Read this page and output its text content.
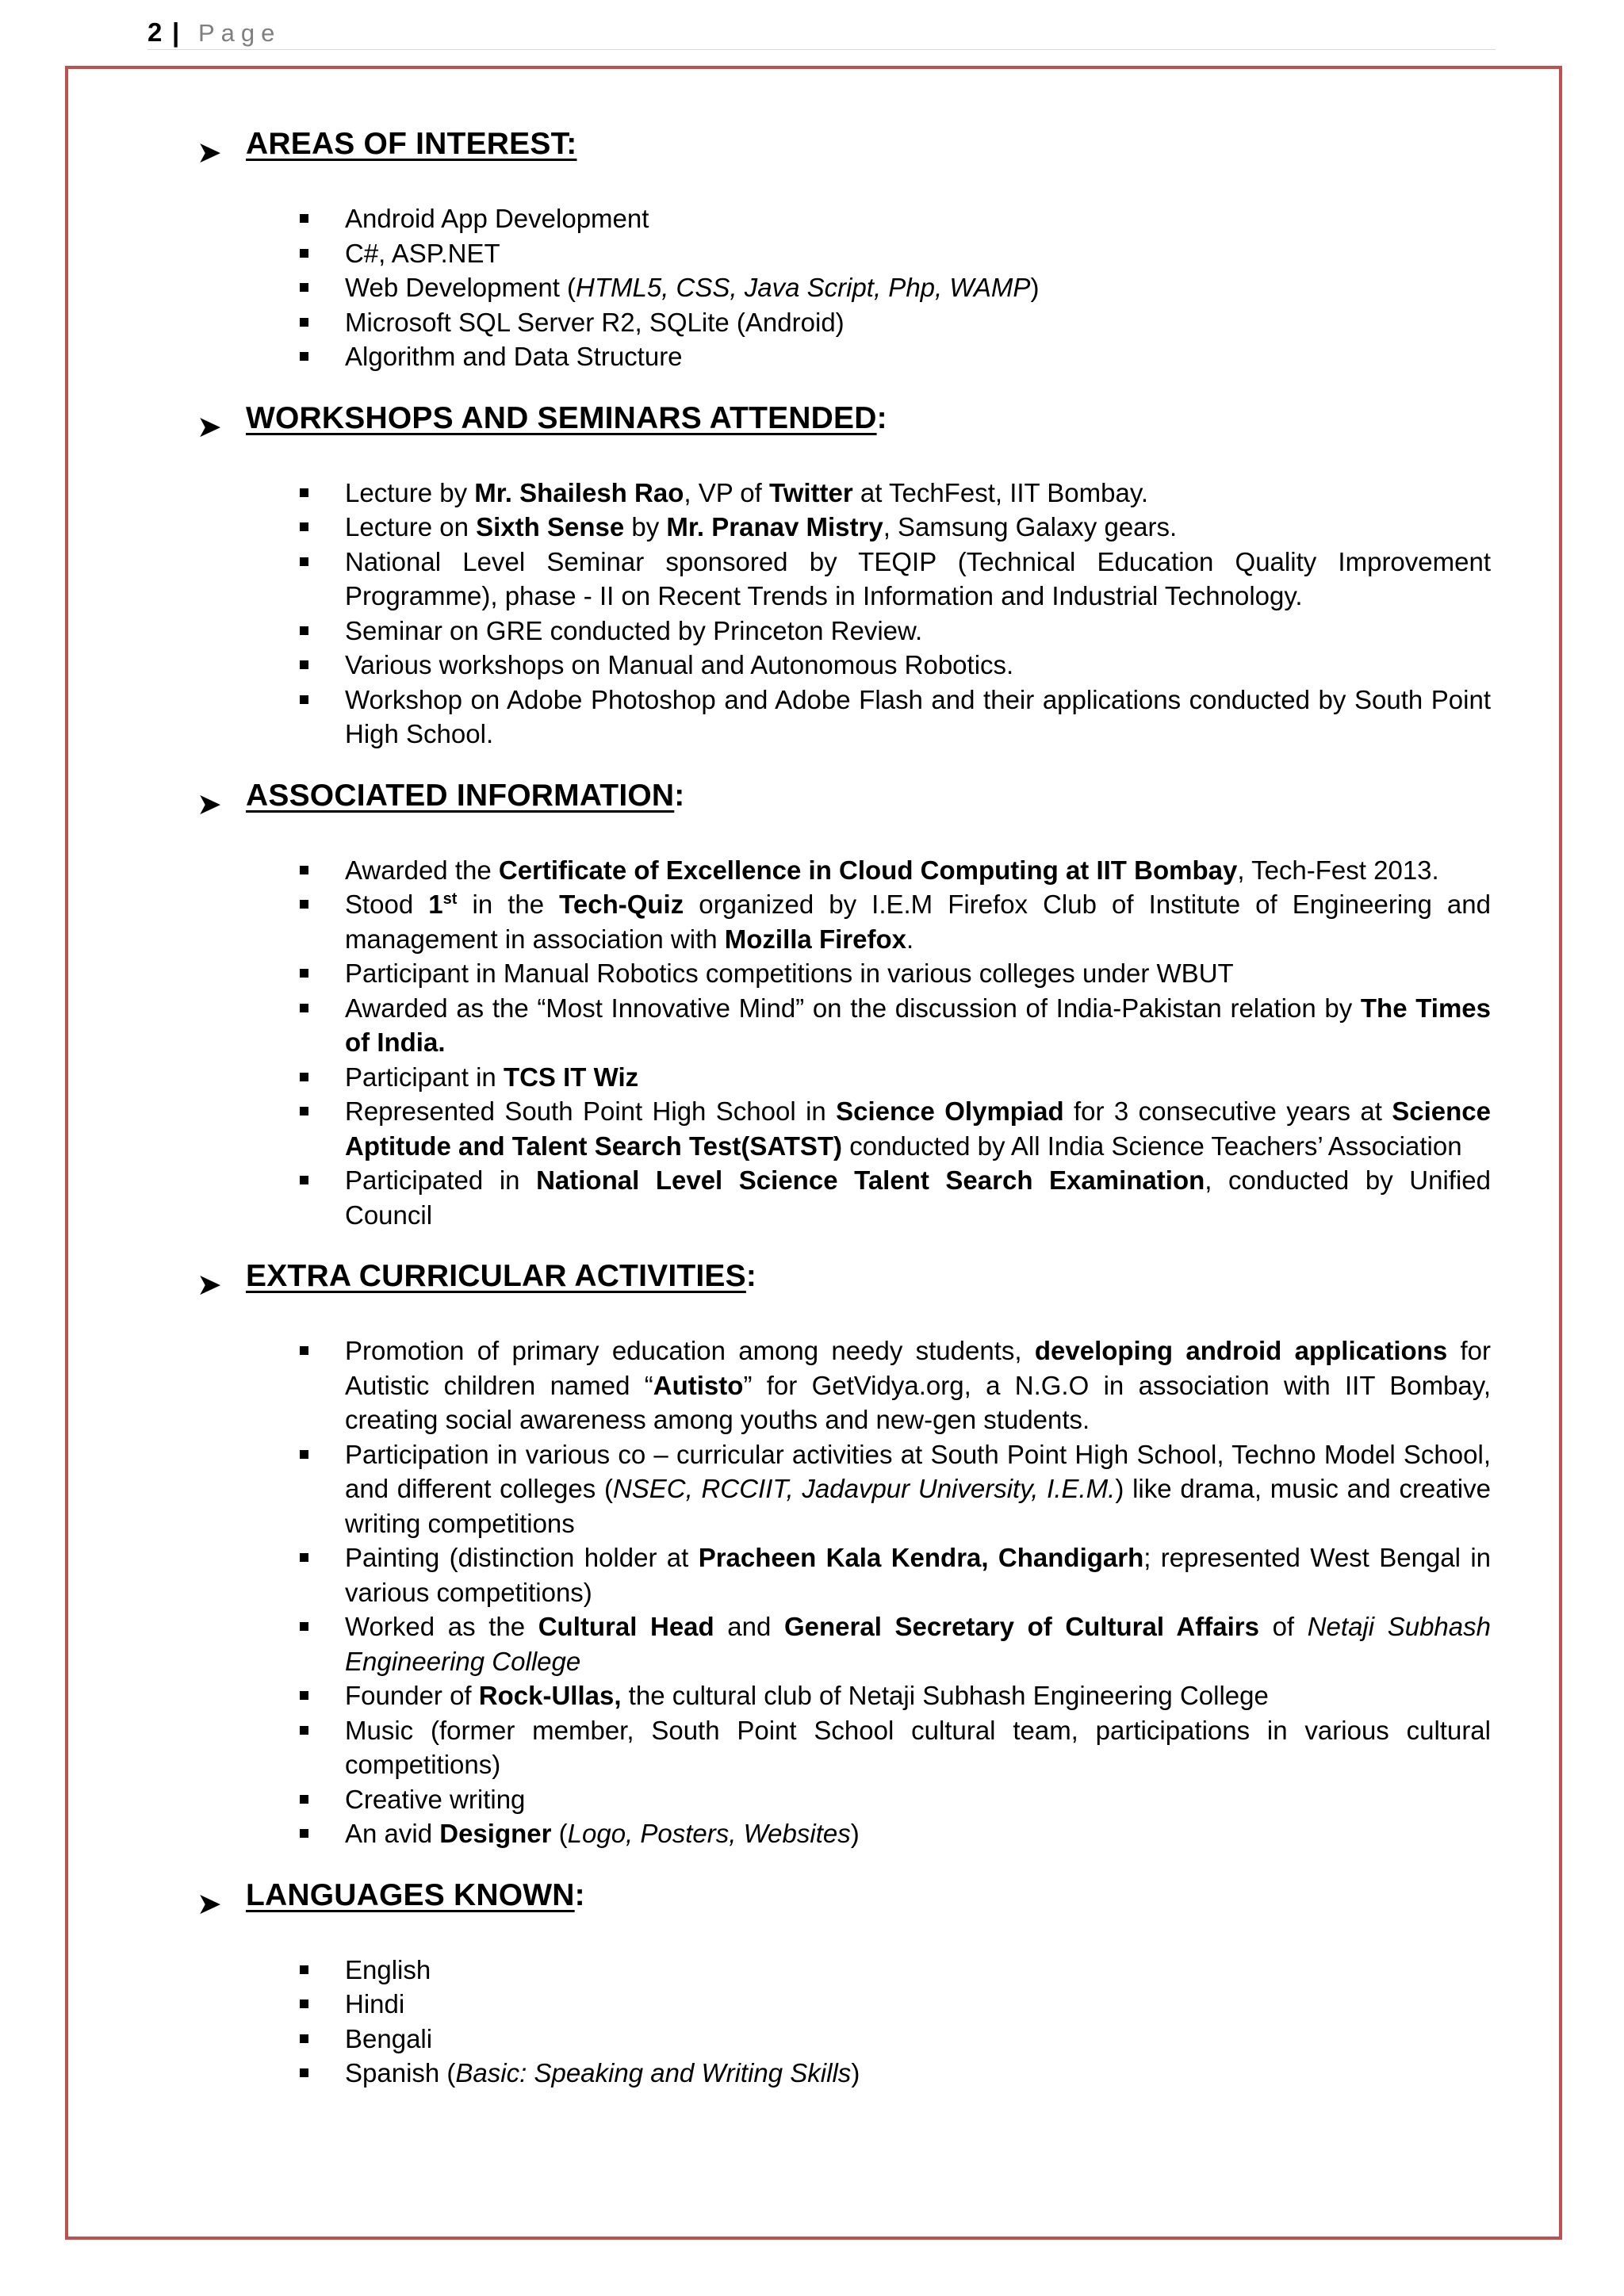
2 | Page
➤ AREAS OF INTEREST:
Android App Development
C#, ASP.NET
Web Development (HTML5, CSS, Java Script, Php, WAMP)
Microsoft SQL Server R2, SQLite (Android)
Algorithm and Data Structure
➤ WORKSHOPS AND SEMINARS ATTENDED:
Lecture by Mr. Shailesh Rao, VP of Twitter at TechFest, IIT Bombay.
Lecture on Sixth Sense by Mr. Pranav Mistry, Samsung Galaxy gears.
National Level Seminar sponsored by TEQIP (Technical Education Quality Improvement Programme), phase - II on Recent Trends in Information and Industrial Technology.
Seminar on GRE conducted by Princeton Review.
Various workshops on Manual and Autonomous Robotics.
Workshop on Adobe Photoshop and Adobe Flash and their applications conducted by South Point High School.
➤ ASSOCIATED INFORMATION:
Awarded the Certificate of Excellence in Cloud Computing at IIT Bombay, Tech-Fest 2013.
Stood 1st in the Tech-Quiz organized by I.E.M Firefox Club of Institute of Engineering and management in association with Mozilla Firefox.
Participant in Manual Robotics competitions in various colleges under WBUT
Awarded as the “Most Innovative Mind” on the discussion of India-Pakistan relation by The Times of India.
Participant in TCS IT Wiz
Represented South Point High School in Science Olympiad for 3 consecutive years at Science Aptitude and Talent Search Test(SATST) conducted by All India Science Teachers’ Association
Participated in National Level Science Talent Search Examination, conducted by Unified Council
➤ EXTRA CURRICULAR ACTIVITIES:
Promotion of primary education among needy students, developing android applications for Autistic children named “Autisto” for GetVidya.org, a N.G.O in association with IIT Bombay, creating social awareness among youths and new-gen students.
Participation in various co – curricular activities at South Point High School, Techno Model School, and different colleges (NSEC, RCCIIT, Jadavpur University, I.E.M.) like drama, music and creative writing competitions
Painting (distinction holder at Pracheen Kala Kendra, Chandigarh; represented West Bengal in various competitions)
Worked as the Cultural Head and General Secretary of Cultural Affairs of Netaji Subhash Engineering College
Founder of Rock-Ullas, the cultural club of Netaji Subhash Engineering College
Music (former member, South Point School cultural team, participations in various cultural competitions)
Creative writing
An avid Designer (Logo, Posters, Websites)
➤ LANGUAGES KNOWN:
English
Hindi
Bengali
Spanish (Basic: Speaking and Writing Skills)
